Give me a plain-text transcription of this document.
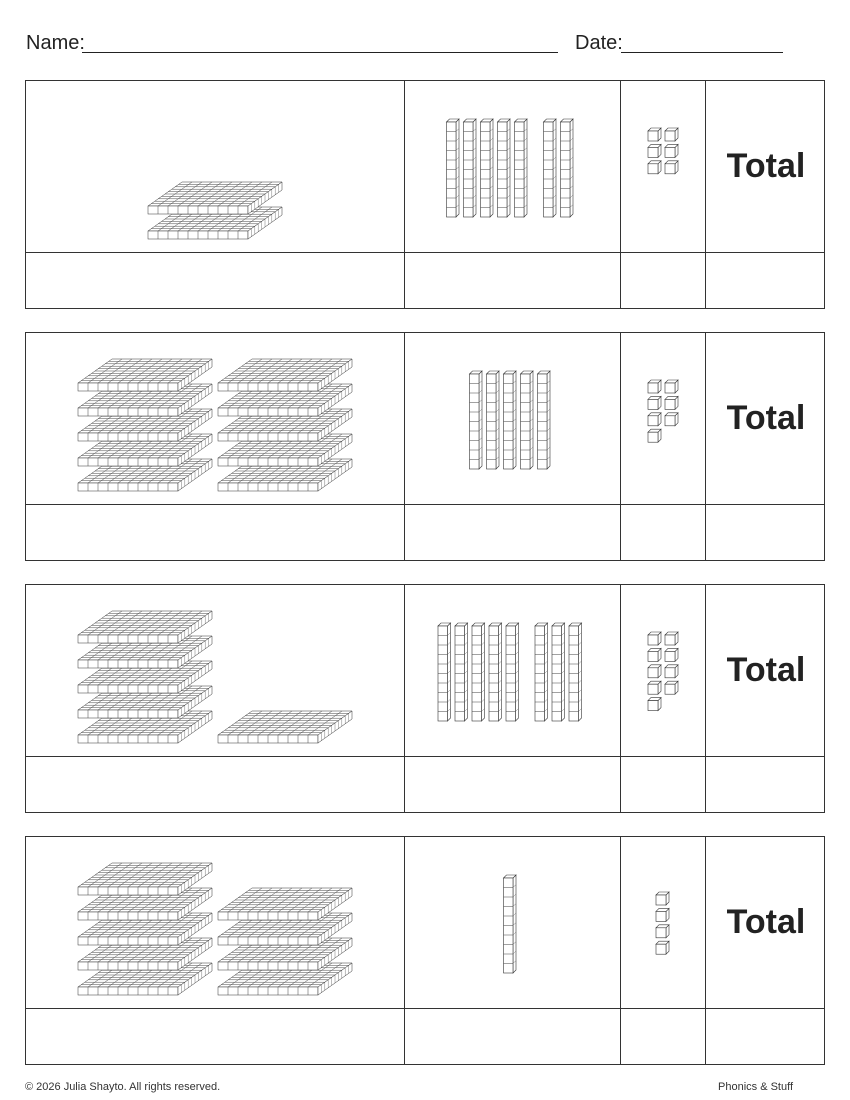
Name:	Date:
Total
Total
Total
Total
© 2026 Julia Shayto. All rights reserved.	Phonics & Stuff
